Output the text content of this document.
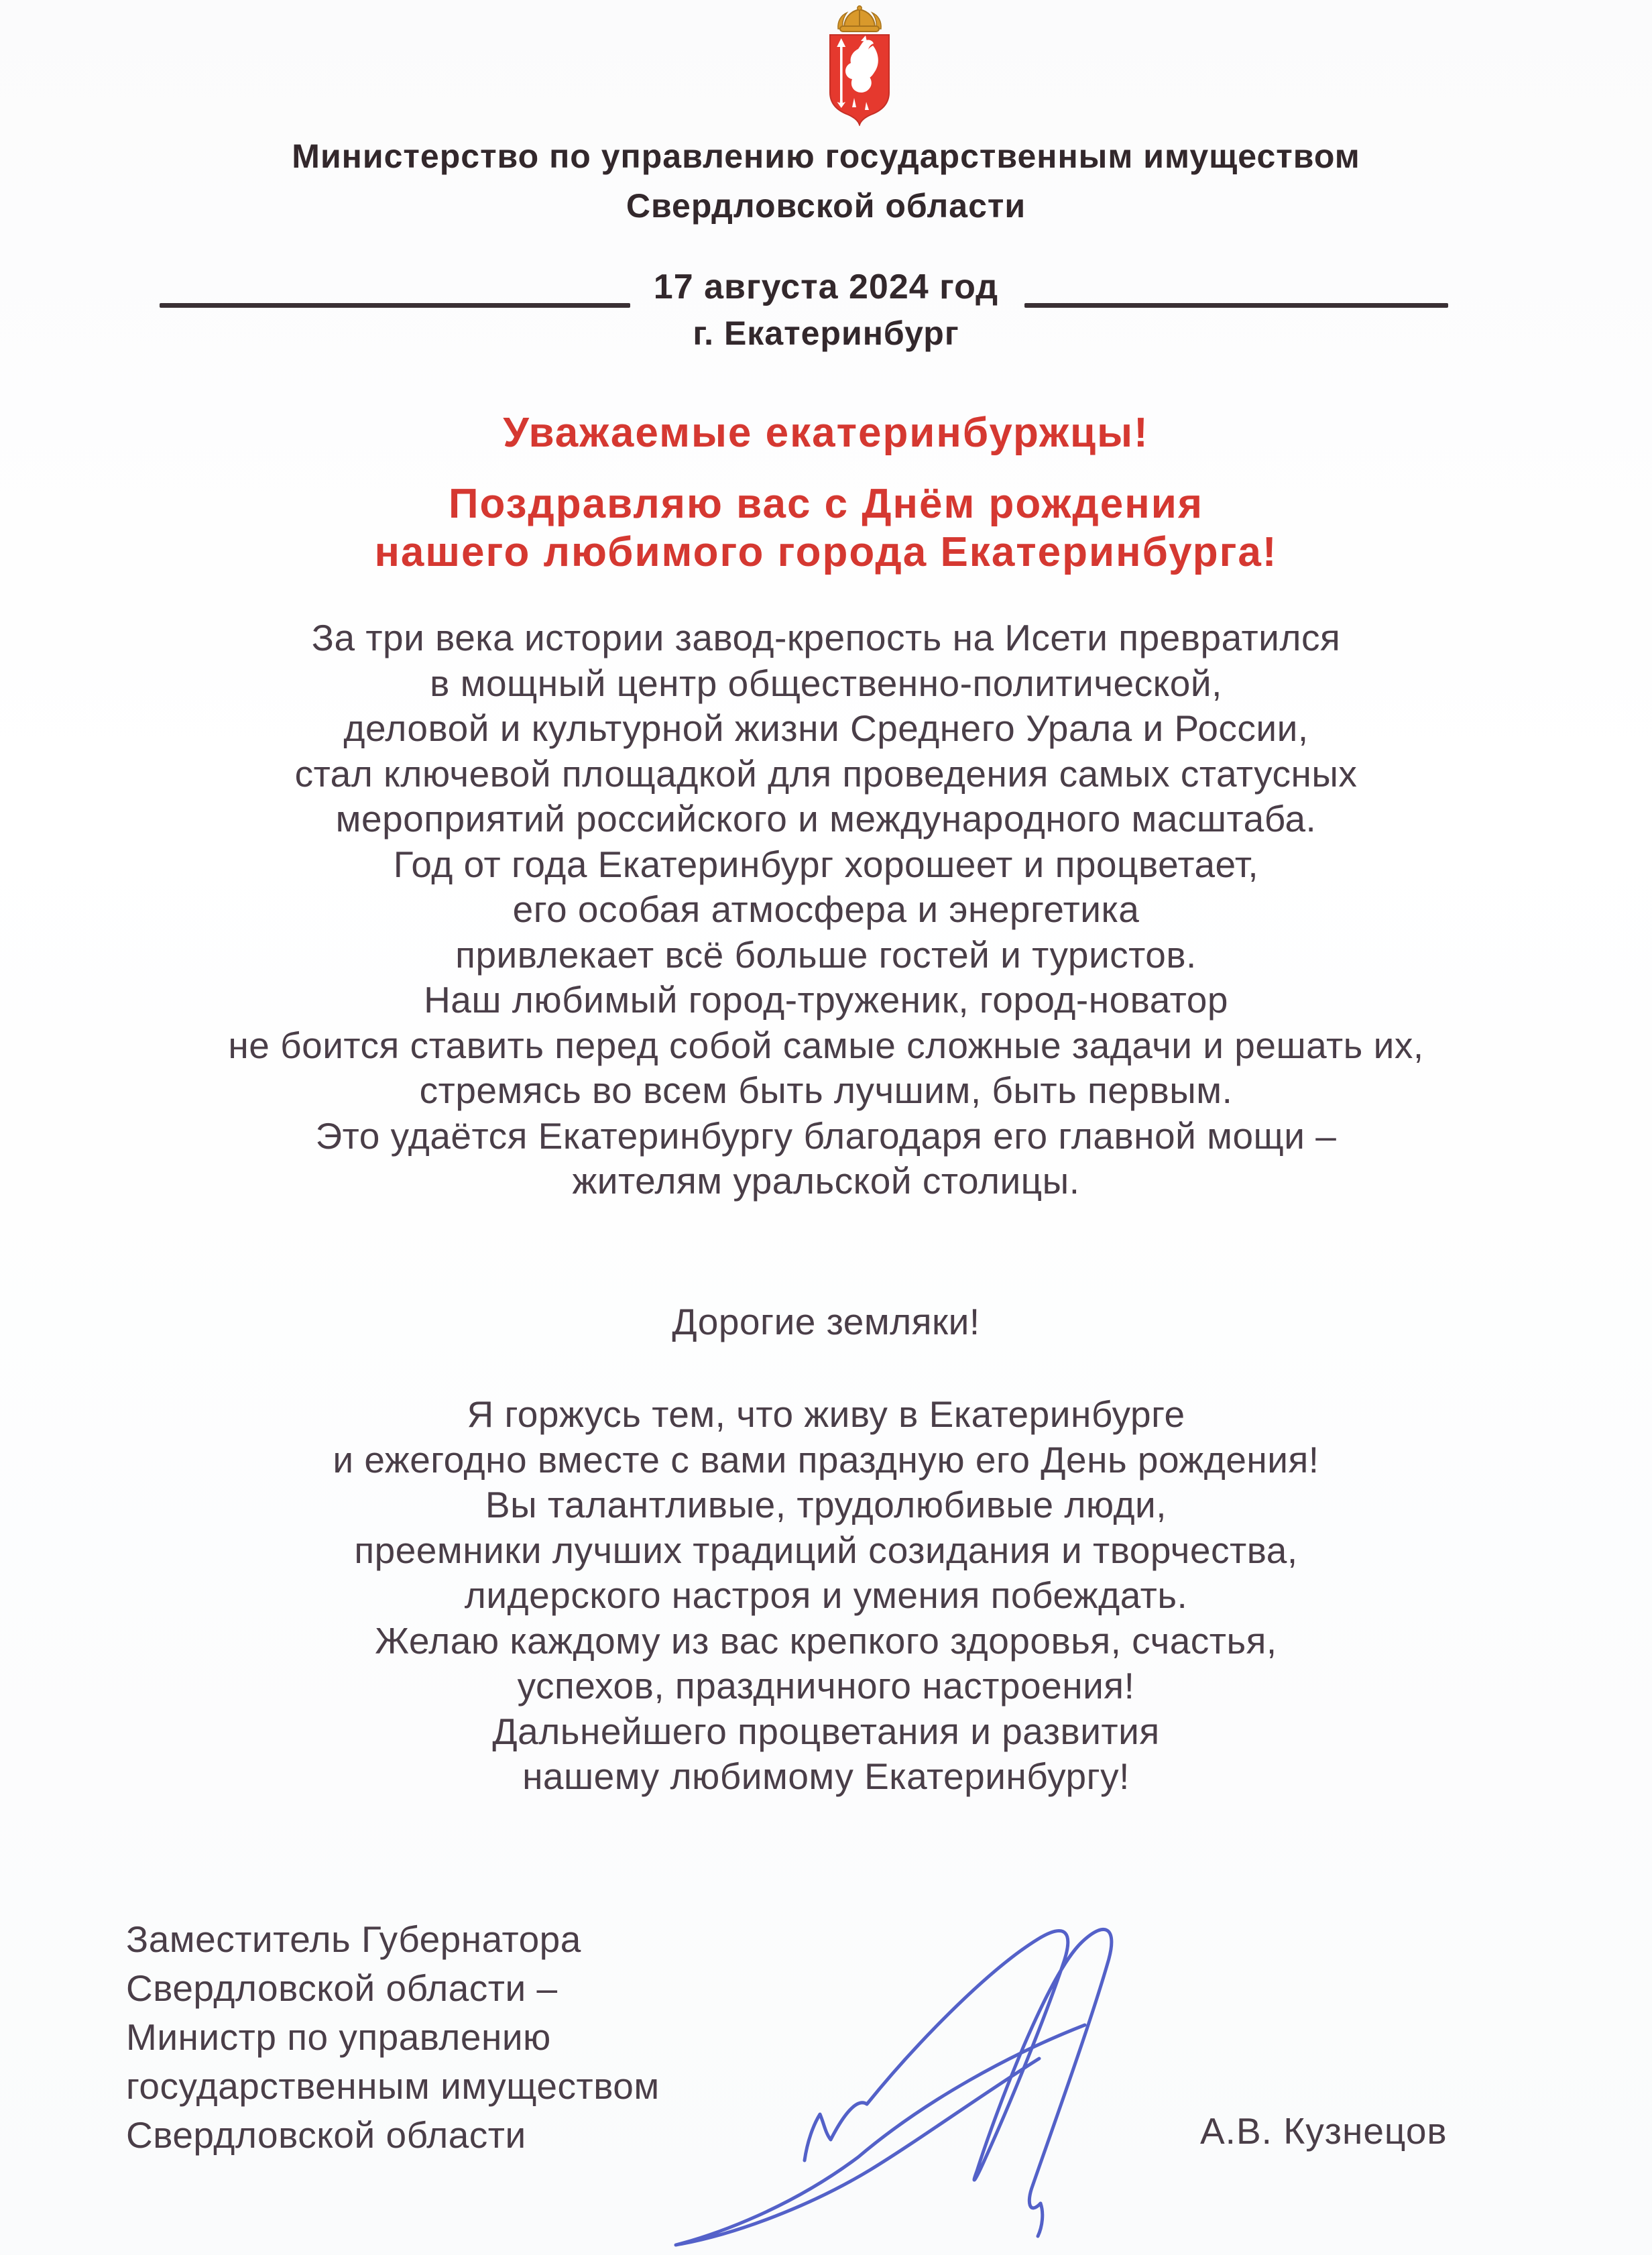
Министерство по управлению государственным имуществом
Свердловской области
17 августа 2024 год
г. Екатеринбург
Уважаемые екатеринбуржцы!
Поздравляю вас с Днём рождения
нашего любимого города Екатеринбурга!
За три века истории завод-крепость на Исети превратился
в мощный центр общественно-политической,
деловой и культурной жизни Среднего Урала и России,
стал ключевой площадкой для проведения самых статусных
мероприятий российского и международного масштаба.
Год от года Екатеринбург хорошеет и процветает,
его особая атмосфера и энергетика
привлекает всё больше гостей и туристов.
Наш любимый город-труженик, город-новатор
не боится ставить перед собой самые сложные задачи и решать их,
стремясь во всем быть лучшим, быть первым.
Это удаётся Екатеринбургу благодаря его главной мощи –
жителям уральской столицы.
Дорогие земляки!
Я горжусь тем, что живу в Екатеринбурге
и ежегодно вместе с вами праздную его День рождения!
Вы талантливые, трудолюбивые люди,
преемники лучших традиций созидания и творчества,
лидерского настроя и умения побеждать.
Желаю каждому из вас крепкого здоровья, счастья,
успехов, праздничного настроения!
Дальнейшего процветания и развития
нашему любимому Екатеринбургу!
Заместитель Губернатора
Свердловской области –
Министр по управлению
государственным имуществом
Свердловской области	А.В. Кузнецов
